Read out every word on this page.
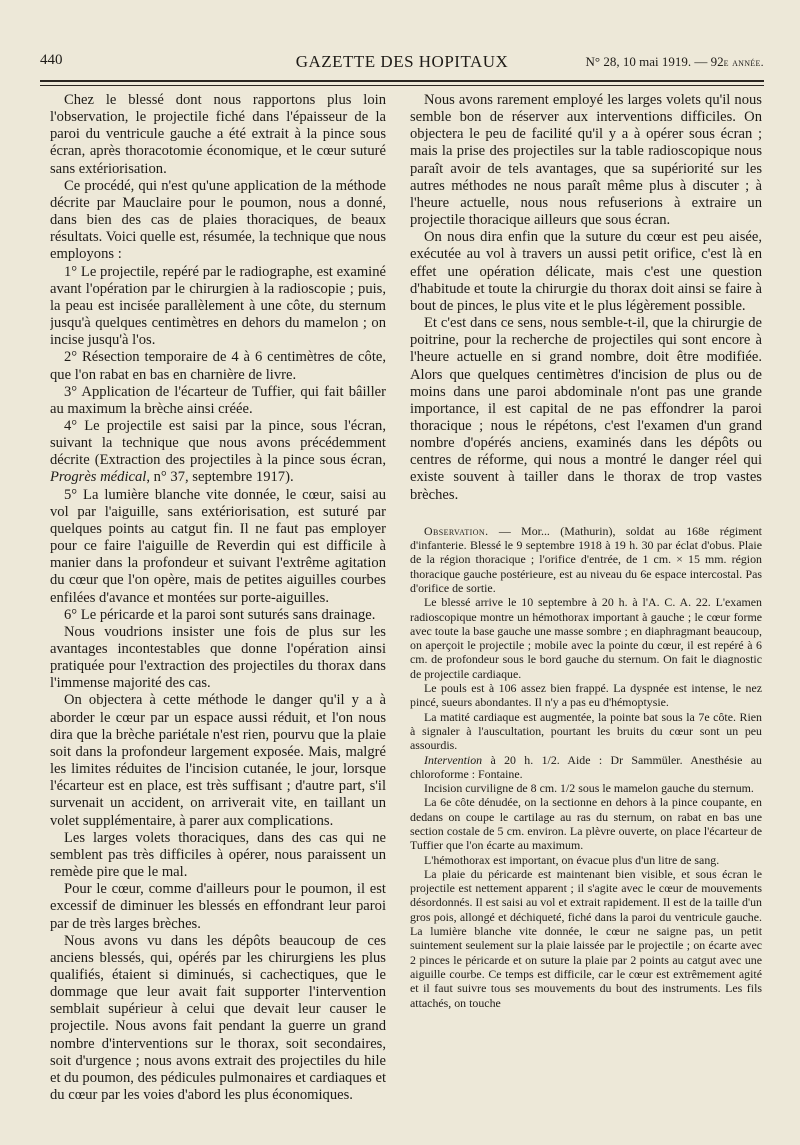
440	GAZETTE DES HOPITAUX	N° 28, 10 mai 1919. — 92e année.

Chez le blessé dont nous rapportons plus loin l'observation, le projectile fiché dans l'épaisseur de la paroi du ventricule gauche a été extrait à la pince sous écran, après thoracotomie économique, et le cœur suturé sans extériorisation.

Ce procédé, qui n'est qu'une application de la méthode décrite par Mauclaire pour le poumon, nous a donné, dans bien des cas de plaies thoraciques, de beaux résultats. Voici quelle est, résumée, la technique que nous employons :

1° Le projectile, repéré par le radiographe, est examiné avant l'opération par le chirurgien à la radioscopie ; puis, la peau est incisée parallèlement à une côte, du sternum jusqu'à quelques centimètres en dehors du mamelon ; on incise jusqu'à l'os.

2° Résection temporaire de 4 à 6 centimètres de côte, que l'on rabat en bas en charnière de livre.

3° Application de l'écarteur de Tuffier, qui fait bâiller au maximum la brèche ainsi créée.

4° Le projectile est saisi par la pince, sous l'écran, suivant la technique que nous avons précédemment décrite (Extraction des projectiles à la pince sous écran, Progrès médical, n° 37, septembre 1917).

5° La lumière blanche vite donnée, le cœur, saisi au vol par l'aiguille, sans extériorisation, est suturé par quelques points au catgut fin. Il ne faut pas employer pour ce faire l'aiguille de Reverdin qui est difficile à manier dans la profondeur et suivant l'extrême agitation du cœur que l'on opère, mais de petites aiguilles courbes enfilées d'avance et montées sur porte-aiguilles.

6° Le péricarde et la paroi sont suturés sans drainage.

Nous voudrions insister une fois de plus sur les avantages incontestables que donne l'opération ainsi pratiquée pour l'extraction des projectiles du thorax dans l'immense majorité des cas.

On objectera à cette méthode le danger qu'il y a à aborder le cœur par un espace aussi réduit, et l'on nous dira que la brèche pariétale n'est rien, pourvu que la plaie soit dans la profondeur largement exposée. Mais, malgré les limites réduites de l'incision cutanée, le jour, lorsque l'écarteur est en place, est très suffisant ; d'autre part, s'il survenait un accident, on arriverait vite, en taillant un volet supplémentaire, à parer aux complications.

Les larges volets thoraciques, dans des cas qui ne semblent pas très difficiles à opérer, nous paraissent un remède pire que le mal.

Pour le cœur, comme d'ailleurs pour le poumon, il est excessif de diminuer les blessés en effondrant leur paroi par de très larges brèches.

Nous avons vu dans les dépôts beaucoup de ces anciens blessés, qui, opérés par les chirurgiens les plus qualifiés, étaient si diminués, si cachectiques, que le dommage que leur avait fait supporter l'intervention semblait supérieur à celui que devait leur causer le projectile. Nous avons fait pendant la guerre un grand nombre d'interventions sur le thorax, soit secondaires, soit d'urgence ; nous avons extrait des projectiles du hile et du poumon, des pédicules pulmonaires et cardiaques et du cœur par les voies d'abord les plus économiques.

Nous avons rarement employé les larges volets qu'il nous semble bon de réserver aux interventions difficiles. On objectera le peu de facilité qu'il y a à opérer sous écran ; mais la prise des projectiles sur la table radioscopique nous paraît avoir de tels avantages, que sa supériorité sur les autres méthodes ne nous paraît même plus à discuter ; à l'heure actuelle, nous nous refuserions à extraire un projectile thoracique ailleurs que sous écran.

On nous dira enfin que la suture du cœur est peu aisée, exécutée au vol à travers un aussi petit orifice, c'est là en effet une opération délicate, mais c'est une question d'habitude et toute la chirurgie du thorax doit ainsi se faire à bout de pinces, le plus vite et le plus légèrement possible.

Et c'est dans ce sens, nous semble-t-il, que la chirurgie de poitrine, pour la recherche de projectiles qui sont encore à l'heure actuelle en si grand nombre, doit être modifiée. Alors que quelques centimètres d'incision de plus ou de moins dans une paroi abdominale n'ont pas une grande importance, il est capital de ne pas effondrer la paroi thoracique ; nous le répétons, c'est l'examen d'un grand nombre d'opérés anciens, examinés dans les dépôts ou centres de réforme, qui nous a montré le danger réel qui existe souvent à tailler dans le thorax de trop vastes brèches.

Observation. — Mor... (Mathurin), soldat au 168e régiment d'infanterie. Blessé le 9 septembre 1918 à 19 h. 30 par éclat d'obus. Plaie de la région thoracique ; l'orifice d'entrée, de 1 cm. × 15 mm. région thoracique gauche postérieure, est au niveau du 6e espace intercostal. Pas d'orifice de sortie.

Le blessé arrive le 10 septembre à 20 h. à l'A. C. A. 22. L'examen radioscopique montre un hémothorax important à gauche ; le cœur forme avec toute la base gauche une masse sombre ; en diaphragmant beaucoup, on aperçoit le projectile ; mobile avec la pointe du cœur, il est repéré à 6 cm. de profondeur sous le bord gauche du sternum. On fait le diagnostic de projectile cardiaque.

Le pouls est à 106 assez bien frappé. La dyspnée est intense, le nez pincé, sueurs abondantes. Il n'y a pas eu d'hémoptysie.

La matité cardiaque est augmentée, la pointe bat sous la 7e côte. Rien à signaler à l'auscultation, pourtant les bruits du cœur sont un peu assourdis.

Intervention à 20 h. 1/2. Aide : Dr Sammüler. Anesthésie au chloroforme : Fontaine.

Incision curviligne de 8 cm. 1/2 sous le mamelon gauche du sternum.

La 6e côte dénudée, on la sectionne en dehors à la pince coupante, en dedans on coupe le cartilage au ras du sternum, on rabat en bas une section costale de 5 cm. environ. La plèvre ouverte, on place l'écarteur de Tuffier que l'on écarte au maximum.

L'hémothorax est important, on évacue plus d'un litre de sang.

La plaie du péricarde est maintenant bien visible, et sous écran le projectile est nettement apparent ; il s'agite avec le cœur de mouvements désordonnés. Il est saisi au vol et extrait rapidement. Il est de la taille d'un gros pois, allongé et déchiqueté, fiché dans la paroi du ventricule gauche. La lumière blanche vite donnée, le cœur ne saigne pas, un petit suintement seulement sur la plaie laissée par le projectile ; on écarte avec 2 pinces le péricarde et on suture la plaie par 2 points au catgut avec une aiguille courbe. Ce temps est difficile, car le cœur est extrêmement agité et il faut suivre tous ses mouvements du bout des instruments. Les fils attachés, on touche
